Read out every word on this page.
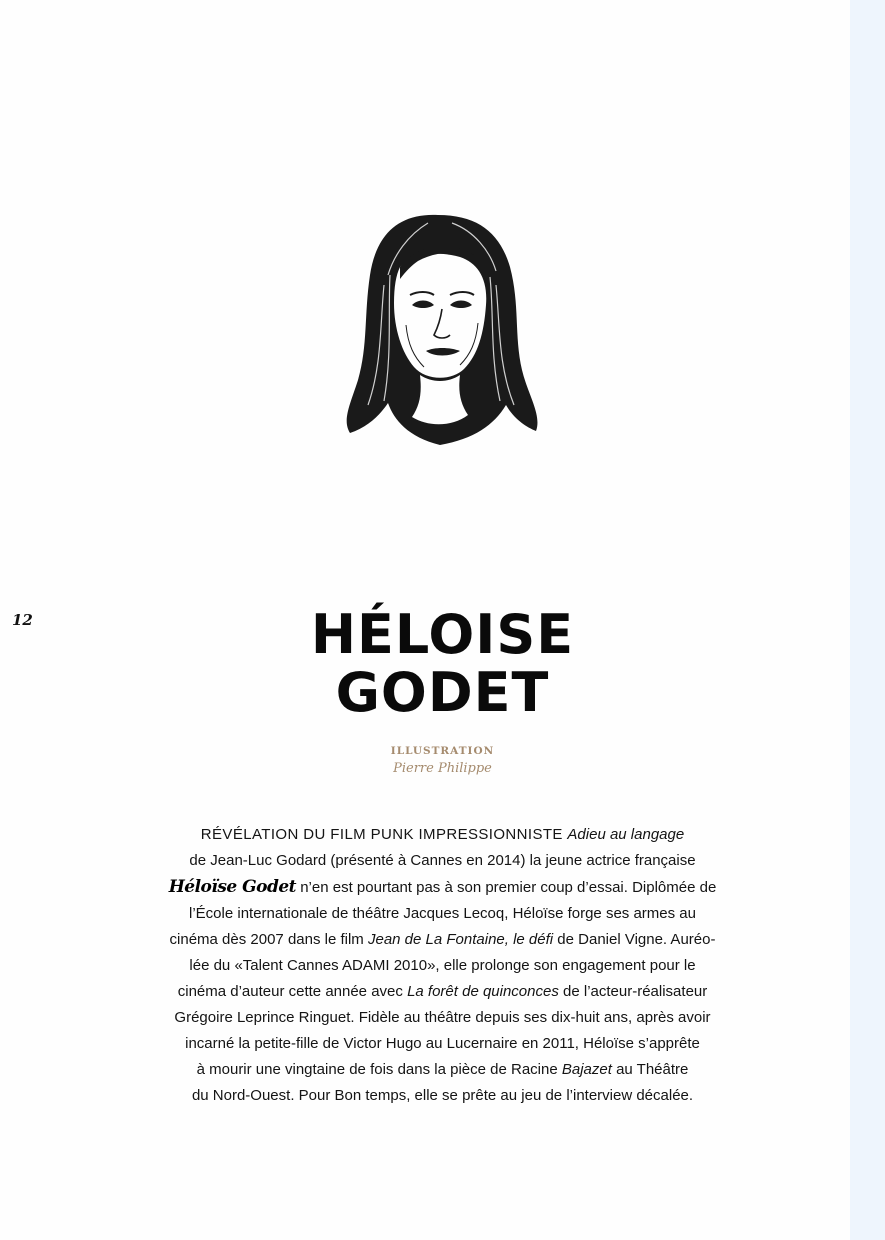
12	HÉLOISE
GODET
ILLUSTRATION
Pierre Philippe
RÉVÉLATION DU FILM PUNK IMPRESSIONNISTE Adieu au langage
de Jean-Luc Godard (présenté à Cannes en 2014) la jeune actrice française
Héloïse Godet n’en est pourtant pas à son premier coup d’essai. Diplômée de
l’École internationale de théâtre Jacques Lecoq, Héloïse forge ses armes au
cinéma dès 2007 dans le film Jean de La Fontaine, le défi de Daniel Vigne. Auréo-
lée du «Talent Cannes ADAMI 2010», elle prolonge son engagement pour le
cinéma d’auteur cette année avec La forêt de quinconces de l’acteur-réalisateur
Grégoire Leprince Ringuet. Fidèle au théâtre depuis ses dix-huit ans, après avoir
incarné la petite-fille de Victor Hugo au Lucernaire en 2011, Héloïse s’apprête
à mourir une vingtaine de fois dans la pièce de Racine Bajazet au Théâtre
du Nord-Ouest. Pour Bon temps, elle se prête au jeu de l’interview décalée.
